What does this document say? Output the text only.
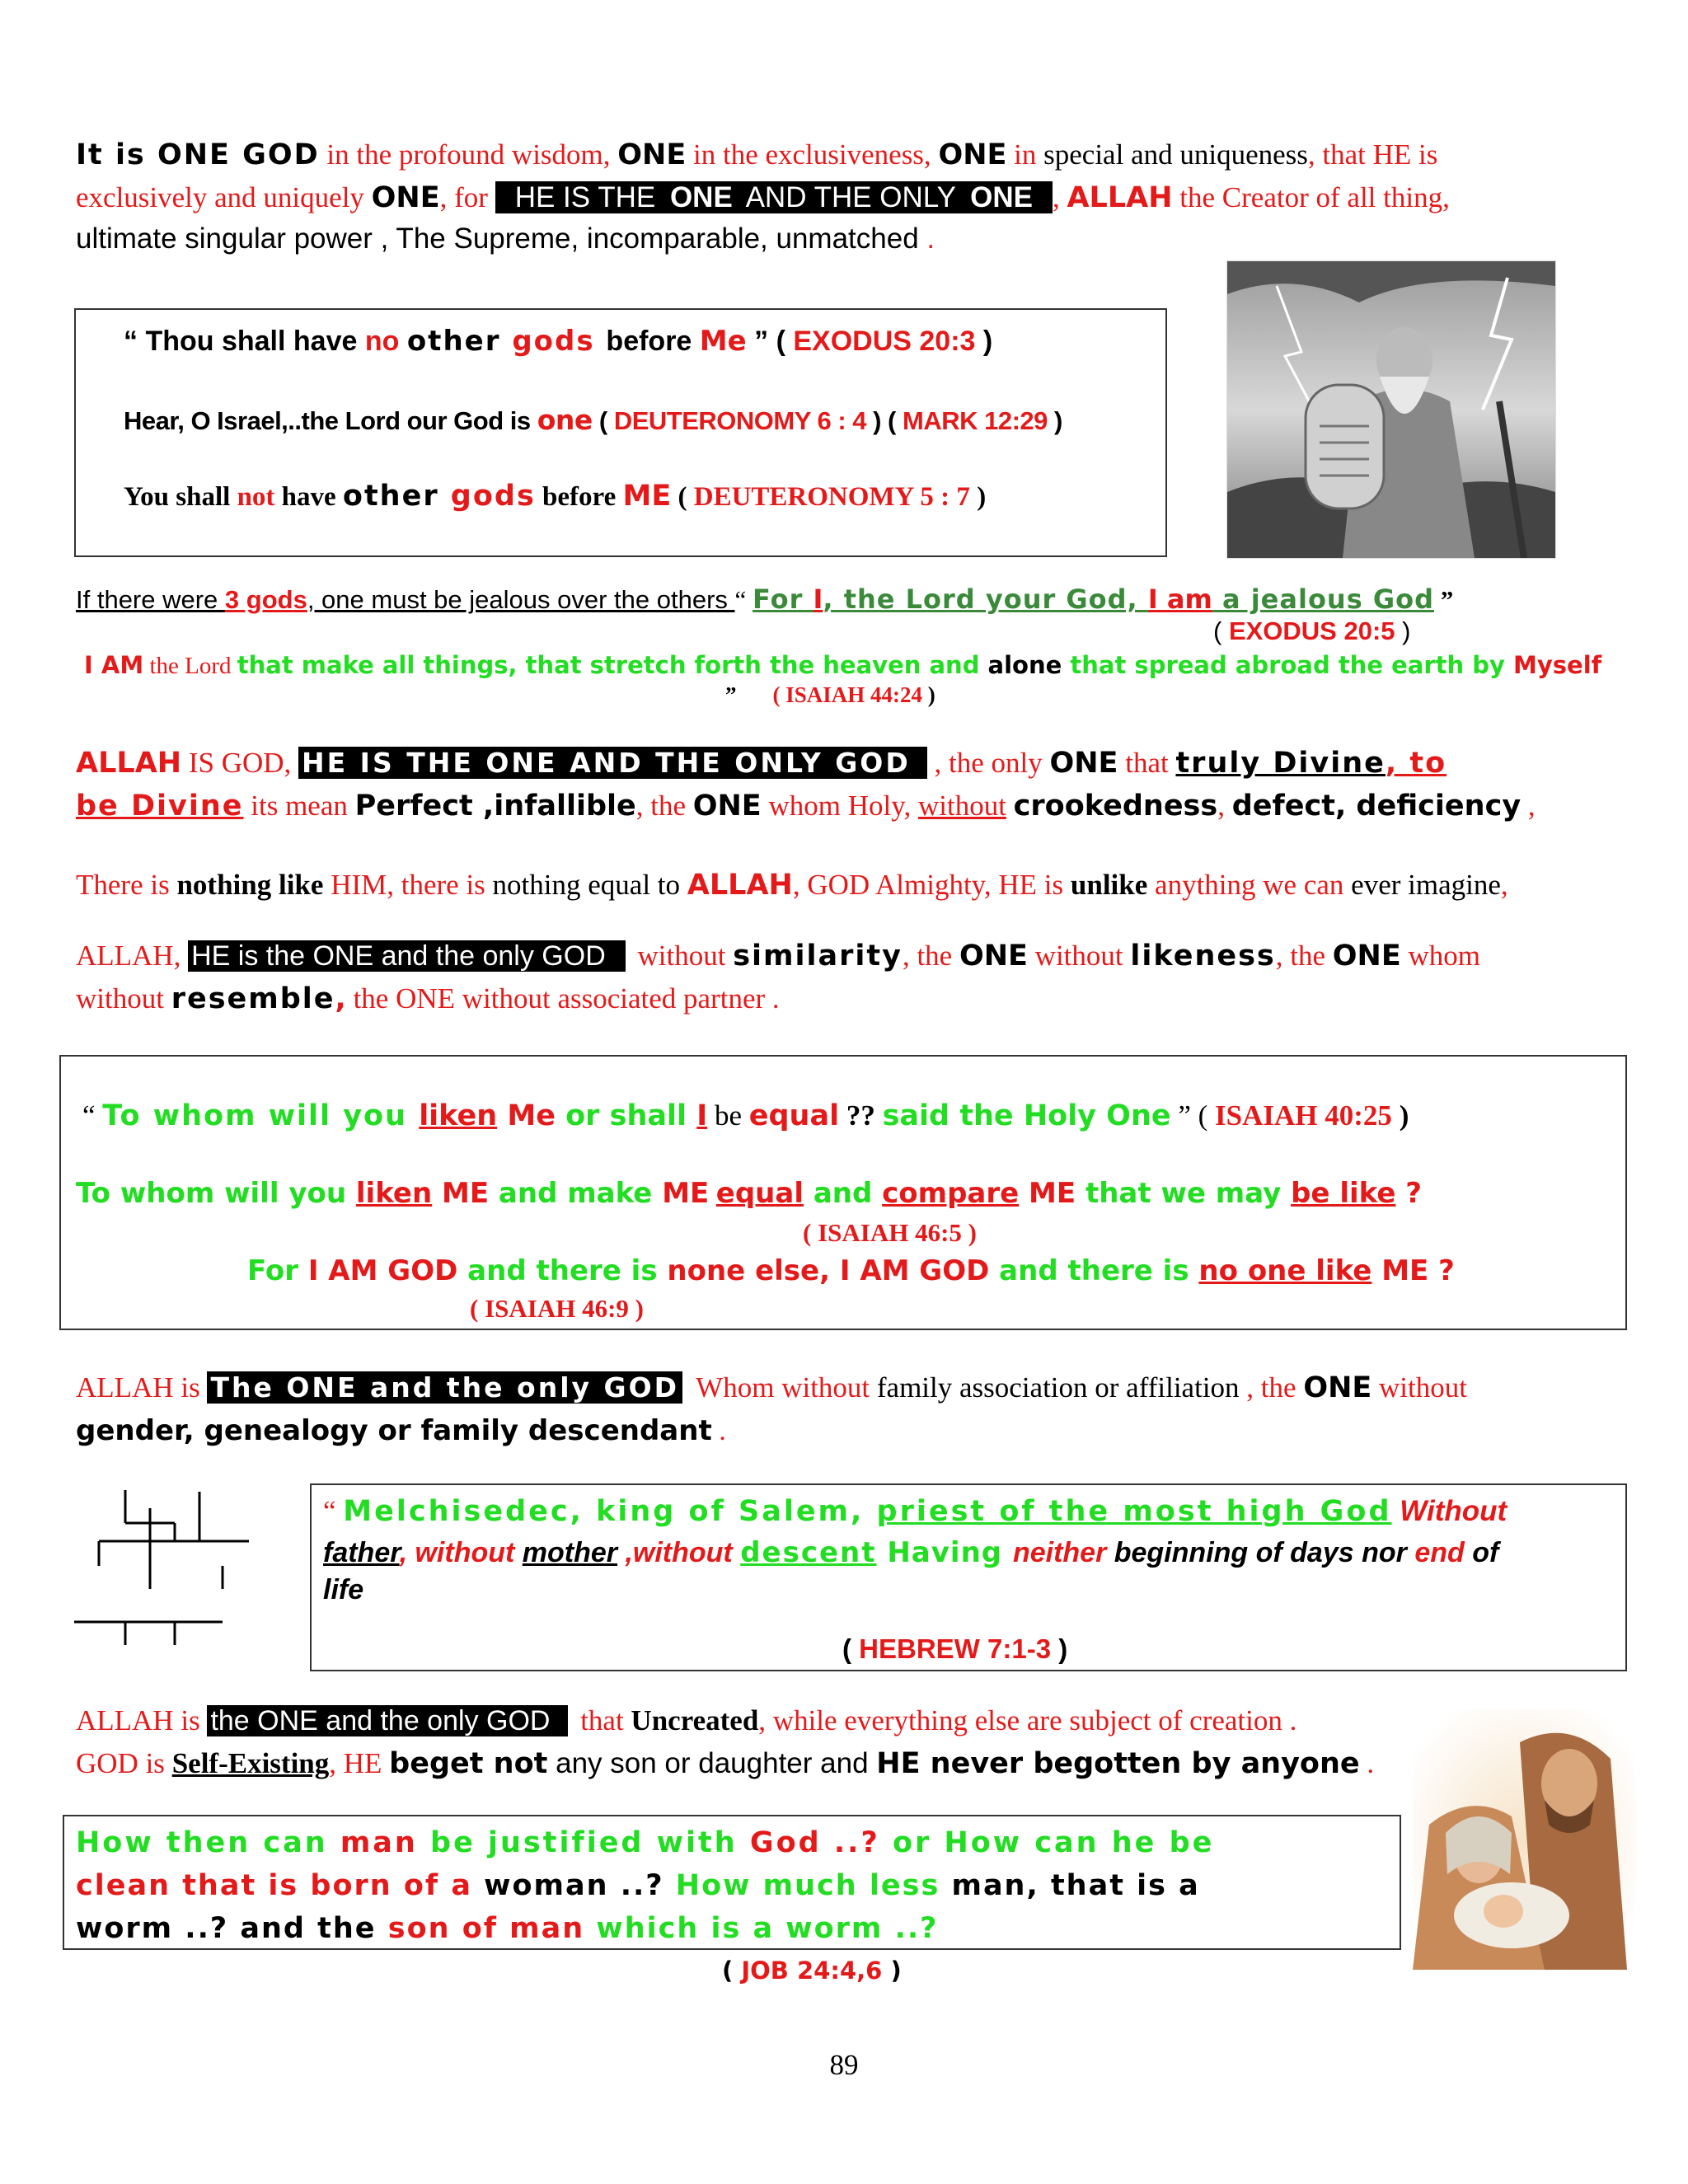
It is ONE GOD in the profound wisdom, ONE in the exclusiveness, ONE in special and uniqueness, that HE is
exclusively and uniquely ONE, for HE IS THE ONE AND THE ONLY ONE , ALLAH the Creator of all thing,
ultimate singular power , The Supreme, incomparable, unmatched .
“ Thou shall have no other gods before Me ” ( EXODUS 20:3 )
Hear, O Israel,..the Lord our God is one ( DEUTERONOMY 6 : 4 ) ( MARK 12:29 )
You shall not have other gods before ME ( DEUTERONOMY 5 : 7 )
If there were 3 gods, one must be jealous over the others “ For I, the Lord your God, I am a jealous God ”
( EXODUS 20:5 )
I AM the Lord that make all things, that stretch forth the heaven and alone that spread abroad the earth by Myself
” ( ISAIAH 44:24 )
ALLAH IS GOD, HE IS THE ONE AND THE ONLY GOD , the only ONE that truly Divine, to
be Divine its mean Perfect ,infallible, the ONE whom Holy, without crookedness, defect, deficiency ,
There is nothing like HIM, there is nothing equal to ALLAH, GOD Almighty, HE is unlike anything we can ever imagine,
ALLAH, HE is the ONE and the only GOD without similarity, the ONE without likeness, the ONE whom
without resemble, the ONE without associated partner .
“ To whom will you liken Me or shall I be equal ?? said the Holy One ” ( ISAIAH 40:25 )
To whom will you liken ME and make ME equal and compare ME that we may be like ?
( ISAIAH 46:5 )
For I AM GOD and there is none else, I AM GOD and there is no one like ME ?
( ISAIAH 46:9 )
ALLAH is The ONE and the only GOD Whom without family association or affiliation , the ONE without
gender, genealogy or family descendant .
“ Melchisedec, king of Salem, priest of the most high God Without
father, without mother ,without descent Having neither beginning of days nor end of
life
( HEBREW 7:1-3 )
ALLAH is the ONE and the only GOD that Uncreated, while everything else are subject of creation .
GOD is Self-Existing, HE beget not any son or daughter and HE never begotten by anyone .
How then can man be justified with God ..? or How can he be
clean that is born of a woman ..? How much less man, that is a
worm ..? and the son of man which is a worm ..?
( JOB 24:4,6 )
89
